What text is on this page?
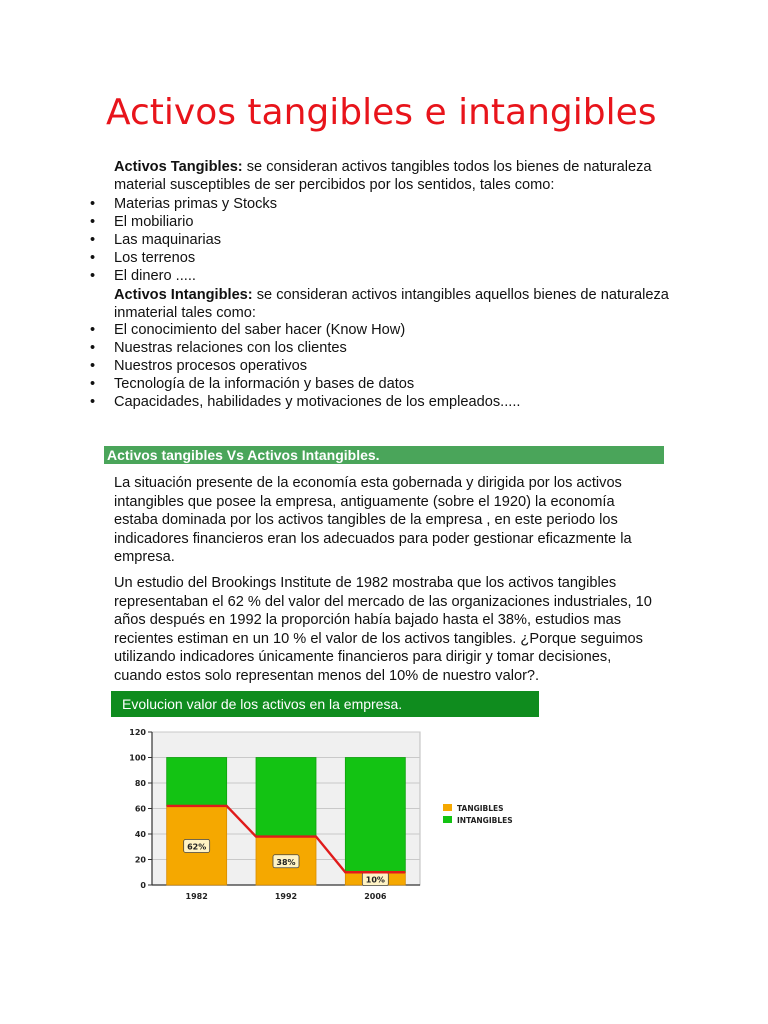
Activos tangibles e intangibles
Activos Tangibles: se consideran activos tangibles todos los bienes de naturaleza material susceptibles de ser percibidos por los sentidos, tales como:
• Materias primas y Stocks
• El mobiliario
• Las maquinarias
• Los terrenos
• El dinero .....
Activos Intangibles: se consideran activos intangibles aquellos bienes de naturaleza inmaterial tales como:
• El conocimiento del saber hacer (Know How)
• Nuestras relaciones con los clientes
• Nuestros procesos operativos
• Tecnología de la información y bases de datos
• Capacidades, habilidades y motivaciones de los empleados.....
Activos tangibles Vs Activos Intangibles.

La situación presente de la economía esta gobernada y dirigida por los activos intangibles que posee la empresa, antiguamente (sobre el 1920) la economía estaba dominada por los activos tangibles de la empresa , en este periodo los indicadores financieros eran los adecuados para poder gestionar eficazmente la empresa.

Un estudio del Brookings Institute de 1982 mostraba que los activos tangibles representaban el 62 % del valor del mercado de las organizaciones industriales, 10 años después en 1992 la proporción había bajado hasta el 38%, estudios mas recientes estiman en un 10 % el valor de los activos tangibles. ¿Porque seguimos utilizando indicadores únicamente financieros para dirigir y tomar decisiones, cuando estos solo representan menos del 10% de nuestro valor?.

Evolucion valor de los activos en la empresa.
0
20
40
60
80
100
120
62%
1982
38%
1992
10%
2006
TANGIBLES
INTANGIBLES
